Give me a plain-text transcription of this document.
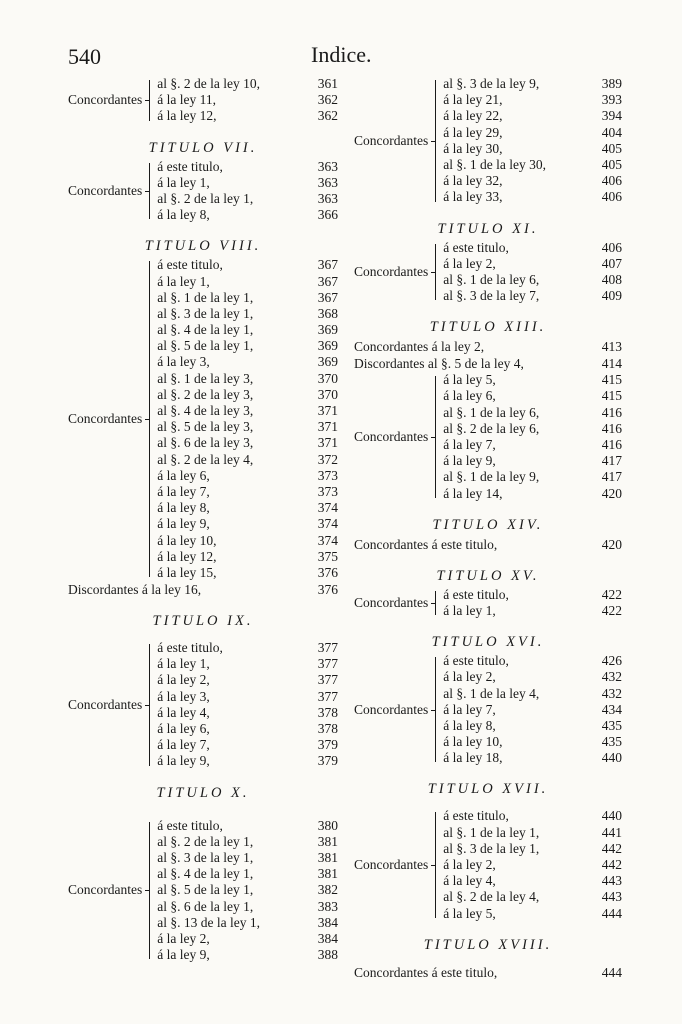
540	Indice.
Concordantes
al §. 2 de la ley 10,	361
á la ley 11,	362
á la ley 12,	362
TITULO VII.
Concordantes
á este titulo,	363
á la ley 1,	363
al §. 2 de la ley 1,	363
á la ley 8,	366
TITULO VIII.
Concordantes
á este titulo,	367
á la ley 1,	367
al §. 1 de la ley 1,	367
al §. 3 de la ley 1,	368
al §. 4 de la ley 1,	369
al §. 5 de la ley 1,	369
á la ley 3,	369
al §. 1 de la ley 3,	370
al §. 2 de la ley 3,	370
al §. 4 de la ley 3,	371
al §. 5 de la ley 3,	371
al §. 6 de la ley 3,	371
al §. 2 de la ley 4,	372
á la ley 6,	373
á la ley 7,	373
á la ley 8,	374
á la ley 9,	374
á la ley 10,	374
á la ley 12,	375
á la ley 15,	376
Discordantes á la ley 16,	376
TITULO IX.
Concordantes
á este titulo,	377
á la ley 1,	377
á la ley 2,	377
á la ley 3,	377
á la ley 4,	378
á la ley 6,	378
á la ley 7,	379
á la ley 9,	379
TITULO X.
Concordantes
á este titulo,	380
al §. 2 de la ley 1,	381
al §. 3 de la ley 1,	381
al §. 4 de la ley 1,	381
al §. 5 de la ley 1,	382
al §. 6 de la ley 1,	383
al §. 13 de la ley 1,	384
á la ley 2,	384
á la ley 9,	388
Concordantes
al §. 3 de la ley 9,	389
á la ley 21,	393
á la ley 22,	394
á la ley 29,	404
á la ley 30,	405
al §. 1 de la ley 30,	405
á la ley 32,	406
á la ley 33,	406
TITULO XI.
Concordantes
á este titulo,	406
á la ley 2,	407
al §. 1 de la ley 6,	408
al §. 3 de la ley 7,	409
TITULO XIII.
Concordantes á la ley 2,	413
Discordantes al §. 5 de la ley 4,	414
Concordantes
á la ley 5,	415
á la ley 6,	415
al §. 1 de la ley 6,	416
al §. 2 de la ley 6,	416
á la ley 7,	416
á la ley 9,	417
al §. 1 de la ley 9,	417
á la ley 14,	420
TITULO XIV.
Concordantes á este titulo,	420
TITULO XV.
Concordantes
á este titulo,	422
á la ley 1,	422
TITULO XVI.
Concordantes
á este titulo,	426
á la ley 2,	432
al §. 1 de la ley 4,	432
á la ley 7,	434
á la ley 8,	435
á la ley 10,	435
á la ley 18,	440
TITULO XVII.
Concordantes
á este titulo,	440
al §. 1 de la ley 1,	441
al §. 3 de la ley 1,	442
á la ley 2,	442
á la ley 4,	443
al §. 2 de la ley 4,	443
á la ley 5,	444
TITULO XVIII.
Concordantes á este titulo,	444
